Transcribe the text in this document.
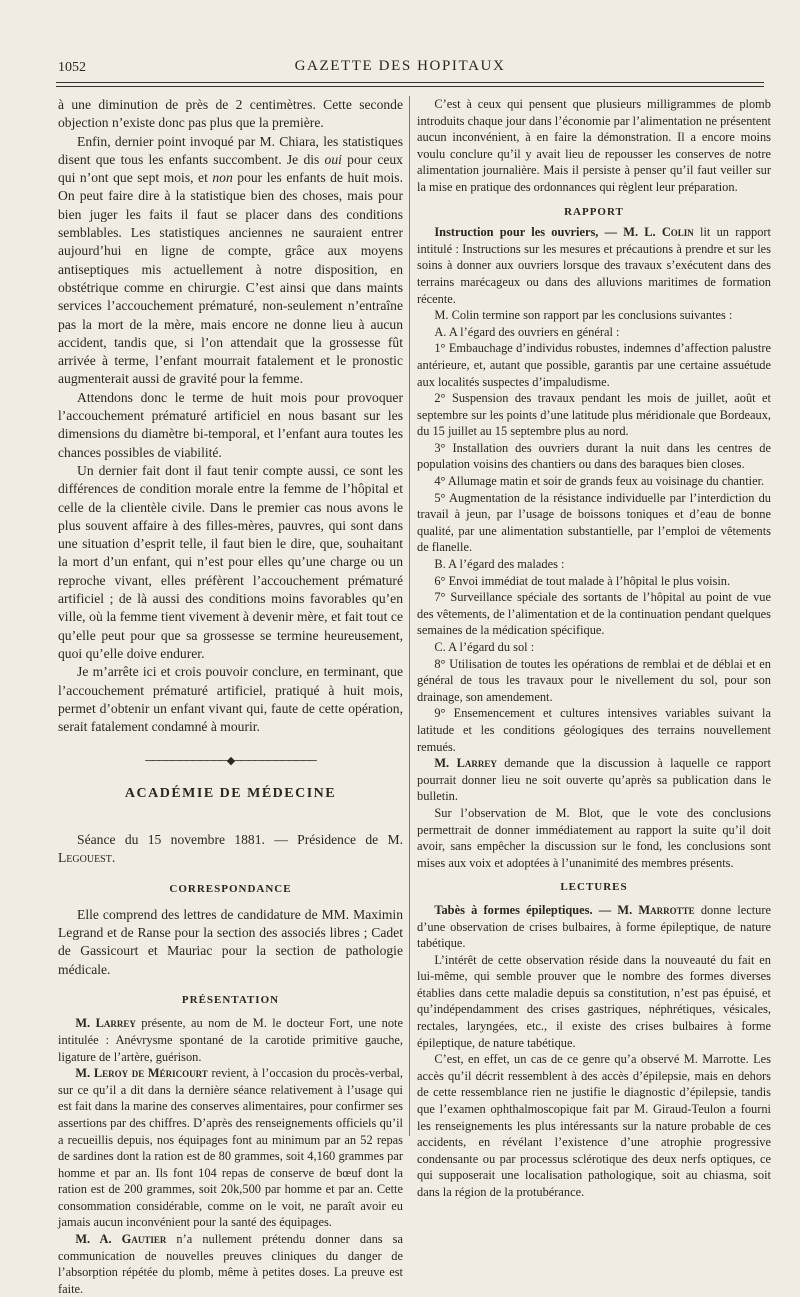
1052	GAZETTE DES HOPITAUX

à une diminution de près de 2 centimètres. Cette seconde objection n’existe donc pas plus que la première.

Enfin, dernier point invoqué par M. Chiara, les statistiques disent que tous les enfants succombent. Je dis oui pour ceux qui n’ont que sept mois, et non pour les enfants de huit mois. On peut faire dire à la statistique bien des choses, mais pour bien juger les faits il faut se placer dans des conditions semblables. Les statistiques anciennes ne sauraient entrer aujourd’hui en ligne de compte, grâce aux moyens antiseptiques mis actuellement à notre disposition, en obstétrique comme en chirurgie. C’est ainsi que dans maints services l’accouchement prématuré, non-seulement n’entraîne pas la mort de la mère, mais encore ne donne lieu à aucun accident, tandis que, si l’on attendait que la grossesse fût arrivée à terme, l’enfant mourrait fatalement et le pronostic augmenterait aussi de gravité pour la femme.

Attendons donc le terme de huit mois pour provoquer l’accouchement prématuré artificiel en nous basant sur les dimensions du diamètre bi-temporal, et l’enfant aura toutes les chances possibles de viabilité.

Un dernier fait dont il faut tenir compte aussi, ce sont les différences de condition morale entre la femme de l’hôpital et celle de la clientèle civile. Dans le premier cas nous avons le plus souvent affaire à des filles-mères, pauvres, qui sont dans une situation d’esprit telle, il faut bien le dire, que, souhaitant la mort d’un enfant, qui n’est pour elles qu’une charge ou un reproche vivant, elles préfèrent l’accouchement prématuré artificiel ; de là aussi des conditions moins favorables qu’en ville, où la femme tient vivement à devenir mère, et fait tout ce qu’elle peut pour que sa grossesse se termine heureusement, quoi qu’elle doive endurer.

Je m’arrête ici et crois pouvoir conclure, en terminant, que l’accouchement prématuré artificiel, pratiqué à huit mois, permet d’obtenir un enfant vivant qui, faute de cette opération, serait fatalement condamné à mourir.

────────────◆────────────
ACADÉMIE DE MÉDECINE

Séance du 15 novembre 1881. — Présidence de M. Legouest.

CORRESPONDANCE

Elle comprend des lettres de candidature de MM. Maximin Legrand et de Ranse pour la section des associés libres ; Cadet de Gassicourt et Mauriac pour la section de pathologie médicale.

PRÉSENTATION

M. Larrey présente, au nom de M. le docteur Fort, une note intitulée : Anévrysme spontané de la carotide primitive gauche, ligature de l’artère, guérison.

M. Leroy de Méricourt revient, à l’occasion du procès-verbal, sur ce qu’il a dit dans la dernière séance relativement à l’usage qui est fait dans la marine des conserves alimentaires, pour confirmer ses assertions par des chiffres. D’après des renseignements officiels qu’il a recueillis depuis, nos équipages font au minimum par an 52 repas de sardines dont la ration est de 80 grammes, soit 4,160 grammes par homme et par an. Ils font 104 repas de conserve de bœuf dont la ration est de 200 grammes, soit 20k,500 par homme et par an. Cette consommation considérable, comme on le voit, ne paraît avoir eu jamais aucun inconvénient pour la santé des équipages.

M. A. Gautier n’a nullement prétendu donner dans sa communication de nouvelles preuves cliniques du danger de l’absorption répétée du plomb, même à petites doses. La preuve est faite.

C’est à ceux qui pensent que plusieurs milligrammes de plomb introduits chaque jour dans l’économie par l’alimentation ne présentent aucun inconvénient, à en faire la démonstration. Il a encore moins voulu conclure qu’il y avait lieu de repousser les conserves de notre alimentation journalière. Mais il persiste à penser qu’il faut veiller sur la mise en pratique des ordonnances qui règlent leur préparation.

RAPPORT

Instruction pour les ouvriers, — M. L. Colin lit un rapport intitulé : Instructions sur les mesures et précautions à prendre et sur les soins à donner aux ouvriers lorsque des travaux s’exécutent dans des terrains marécageux ou dans des alluvions maritimes de formation récente.

M. Colin termine son rapport par les conclusions suivantes :

A. A l’égard des ouvriers en général :

1° Embauchage d’individus robustes, indemnes d’affection palustre antérieure, et, autant que possible, garantis par une certaine assuétude aux localités suspectes d’impaludisme.

2° Suspension des travaux pendant les mois de juillet, août et septembre sur les points d’une latitude plus méridionale que Bordeaux, du 15 juillet au 15 septembre plus au nord.

3° Installation des ouvriers durant la nuit dans les centres de population voisins des chantiers ou dans des baraques bien closes.

4° Allumage matin et soir de grands feux au voisinage du chantier.

5° Augmentation de la résistance individuelle par l’interdiction du travail à jeun, par l’usage de boissons toniques et d’eau de bonne qualité, par une alimentation substantielle, par l’emploi de vêtements de flanelle.

B. A l’égard des malades :

6° Envoi immédiat de tout malade à l’hôpital le plus voisin.

7° Surveillance spéciale des sortants de l’hôpital au point de vue des vêtements, de l’alimentation et de la continuation pendant quelques semaines de la médication spécifique.

C. A l’égard du sol :

8° Utilisation de toutes les opérations de remblai et de déblai et en général de tous les travaux pour le nivellement du sol, pour son drainage, son amendement.

9° Ensemencement et cultures intensives variables suivant la latitude et les conditions géologiques des terrains nouvellement remués.

M. Larrey demande que la discussion à laquelle ce rapport pourrait donner lieu ne soit ouverte qu’après sa publication dans le bulletin.

Sur l’observation de M. Blot, que le vote des conclusions permettrait de donner immédiatement au rapport la suite qu’il doit avoir, sans empêcher la discussion sur le fond, les conclusions sont mises aux voix et adoptées à l’unanimité des membres présents.

LECTURES

Tabès à formes épileptiques. — M. Marrotte donne lecture d’une observation de crises bulbaires, à forme épileptique, de nature tabétique.

L’intérêt de cette observation réside dans la nouveauté du fait en lui-même, qui semble prouver que le nombre des formes diverses établies dans cette maladie depuis sa constitution, n’est pas épuisé, et qu’indépendamment des crises gastriques, néphrétiques, vésicales, rectales, laryngées, etc., il existe des crises bulbaires à forme épileptique, de nature tabétique.

C’est, en effet, un cas de ce genre qu’a observé M. Marrotte. Les accès qu’il décrit ressemblent à des accès d’épilepsie, mais en dehors de cette ressemblance rien ne justifie le diagnostic d’épilepsie, tandis que l’examen ophthalmoscopique fait par M. Giraud-Teulon a fourni les renseignements les plus intéressants sur la nature probable de ces accidents, en révélant l’existence d’une atrophie progressive condensante ou par processus sclérotique des deux nerfs optiques, ce qui supposerait une localisation pathologique, soit au chiasma, soit dans la région de la protubérance.
